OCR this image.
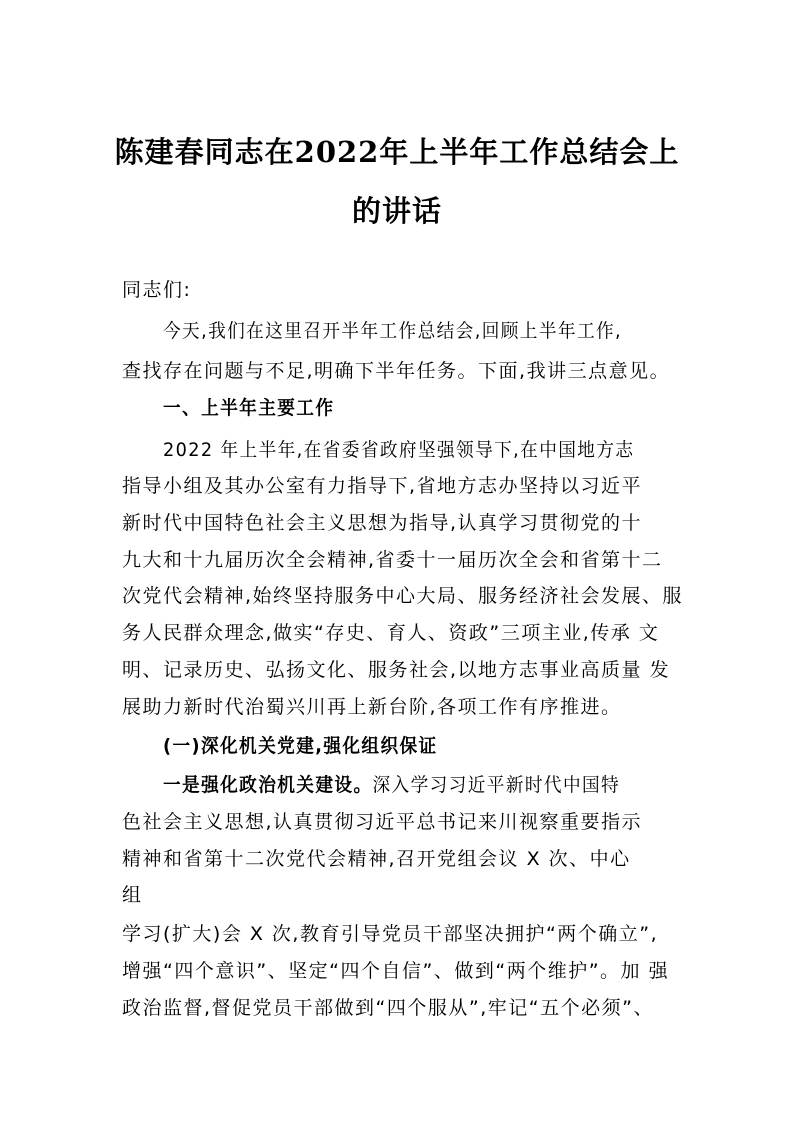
陈建春同志在2022年上半年工作总结会上
的讲话
同志们:
今天,我们在这里召开半年工作总结会,回顾上半年工作,
查找存在问题与不足,明确下半年任务。下面,我讲三点意见。
一、上半年主要工作
2022 年上半年,在省委省政府坚强领导下,在中国地方志
指导小组及其办公室有力指导下,省地方志办坚持以习近平
新时代中国特色社会主义思想为指导,认真学习贯彻党的十
九大和十九届历次全会精神,省委十一届历次全会和省第十二
次党代会精神,始终坚持服务中心大局、服务经济社会发展、服
务人民群众理念,做实“存史、育人、资政”三项主业,传承 文
明、记录历史、弘扬文化、服务社会,以地方志事业高质量 发
展助力新时代治蜀兴川再上新台阶,各项工作有序推进。
(一)深化机关党建,强化组织保证
一是强化政治机关建设。深入学习习近平新时代中国特
色社会主义思想,认真贯彻习近平总书记来川视察重要指示
精神和省第十二次党代会精神,召开党组会议 X 次、中心
组
学习(扩大)会 X 次,教育引导党员干部坚决拥护“两个确立”,
增强“四个意识”、坚定“四个自信”、做到“两个维护”。加 强
政治监督,督促党员干部做到“四个服从”,牢记“五个必须”、
